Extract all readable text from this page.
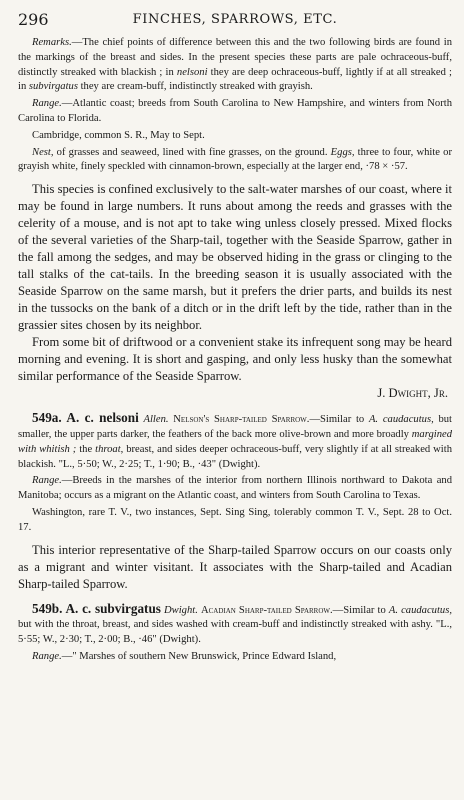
296	FINCHES, SPARROWS, ETC.

Remarks.—The chief points of difference between this and the two following birds are found in the markings of the breast and sides. In the present species these parts are pale ochraceous-buff, distinctly streaked with blackish ; in nelsoni they are deep ochraceous-buff, lightly if at all streaked ; in subvirgatus they are cream-buff, indistinctly streaked with grayish.

Range.—Atlantic coast; breeds from South Carolina to New Hampshire, and winters from North Carolina to Florida.

Cambridge, common S. R., May to Sept.

Nest, of grasses and seaweed, lined with fine grasses, on the ground. Eggs, three to four, white or grayish white, finely speckled with cinnamon-brown, especially at the larger end, ·78 × ·57.

This species is confined exclusively to the salt-water marshes of our coast, where it may be found in large numbers. It runs about among the reeds and grasses with the celerity of a mouse, and is not apt to take wing unless closely pressed. Mixed flocks of the several varieties of the Sharp-tail, together with the Seaside Sparrow, gather in the fall among the sedges, and may be observed hiding in the grass or clinging to the tall stalks of the cat-tails. In the breeding season it is usually associated with the Seaside Sparrow on the same marsh, but it prefers the drier parts, and builds its nest in the tussocks on the bank of a ditch or in the drift left by the tide, rather than in the grassier sites chosen by its neighbor.

From some bit of driftwood or a convenient stake its infrequent song may be heard morning and evening. It is short and gasping, and only less husky than the somewhat similar performance of the Seaside Sparrow.

J. Dwight, Jr.

549a. A. c. nelsoni Allen. Nelson's Sharp-tailed Sparrow.—Similar to A. caudacutus, but smaller, the upper parts darker, the feathers of the back more olive-brown and more broadly margined with whitish ; the throat, breast, and sides deeper ochraceous-buff, very slightly if at all streaked with blackish. "L., 5·50; W., 2·25; T., 1·90; B., ·43" (Dwight).

Range.—Breeds in the marshes of the interior from northern Illinois northward to Dakota and Manitoba; occurs as a migrant on the Atlantic coast, and winters from South Carolina to Texas.

Washington, rare T. V., two instances, Sept. Sing Sing, tolerably common T. V., Sept. 28 to Oct. 17.

This interior representative of the Sharp-tailed Sparrow occurs on our coasts only as a migrant and winter visitant. It associates with the Sharp-tailed and Acadian Sharp-tailed Sparrow.

549b. A. c. subvirgatus Dwight. Acadian Sharp-tailed Sparrow.—Similar to A. caudacutus, but with the throat, breast, and sides washed with cream-buff and indistinctly streaked with ashy. "L., 5·55; W., 2·30; T., 2·00; B., ·46" (Dwight).

Range.—" Marshes of southern New Brunswick, Prince Edward Island,
